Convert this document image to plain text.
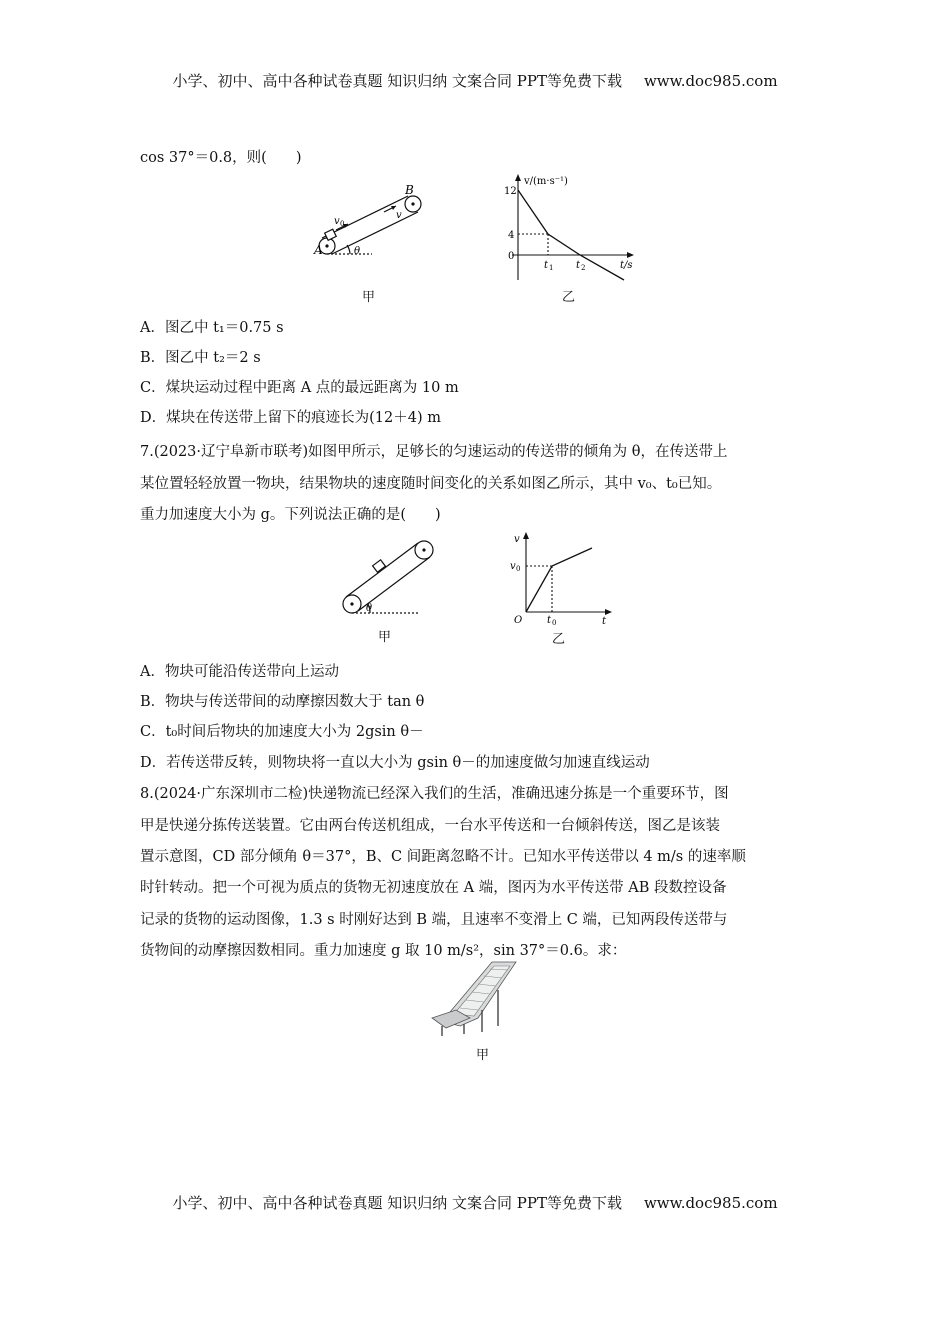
小学、初中、高中各种试卷真题 知识归纳 文案合同 PPT等免费下载 www.doc985.com
cos 37°＝0.8，则(　　)
A
B
v 0
v
θ
甲
v/(m·s⁻¹)
t/s
12
4
0
t 1 t 2
乙
A．图乙中 t₁＝0.75 s
B．图乙中 t₂＝2 s
C．煤块运动过程中距离 A 点的最远距离为 10 m
D．煤块在传送带上留下的痕迹长为(12＋4) m
7.(2023·辽宁阜新市联考)如图甲所示，足够长的匀速运动的传送带的倾角为 θ，在传送带上
某位置轻轻放置一物块，结果物块的速度随时间变化的关系如图乙所示，其中 v₀、t₀已知。
重力加速度大小为 g。下列说法正确的是(　　)
θ
甲
v
t
O
v 0
t 0
乙
A．物块可能沿传送带向上运动
B．物块与传送带间的动摩擦因数大于 tan θ
C．t₀时间后物块的加速度大小为 2gsin θ－
D．若传送带反转，则物块将一直以大小为 gsin θ－的加速度做匀加速直线运动
8.(2024·广东深圳市二检)快递物流已经深入我们的生活，准确迅速分拣是一个重要环节，图
甲是快递分拣传送装置。它由两台传送机组成，一台水平传送和一台倾斜传送，图乙是该装
置示意图，CD 部分倾角 θ＝37°，B、C 间距离忽略不计。已知水平传送带以 4 m/s 的速率顺
时针转动。把一个可视为质点的货物无初速度放在 A 端，图丙为水平传送带 AB 段数控设备
记录的货物的运动图像，1.3 s 时刚好达到 B 端，且速率不变滑上 C 端，已知两段传送带与
货物间的动摩擦因数相同。重力加速度 g 取 10 m/s²，sin 37°＝0.6。求：
甲
小学、初中、高中各种试卷真题 知识归纳 文案合同 PPT等免费下载 www.doc985.com
